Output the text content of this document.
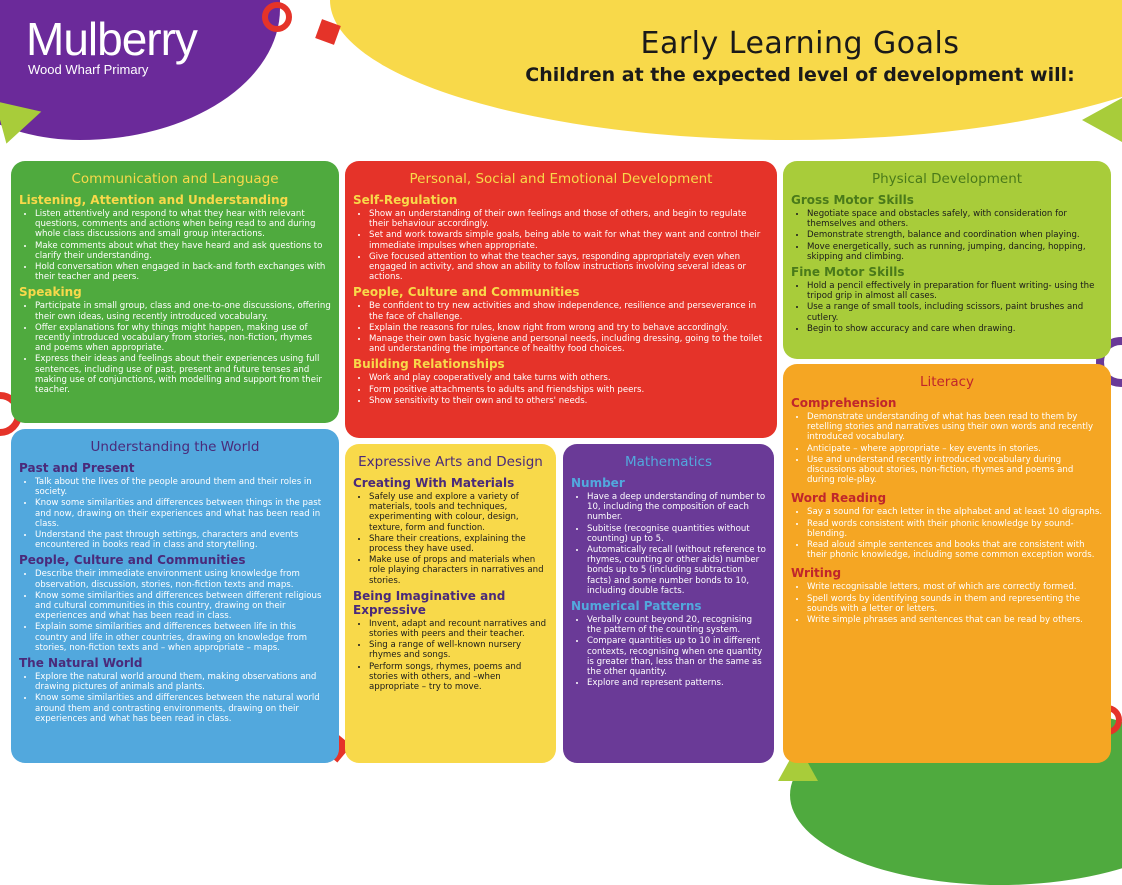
Mulberry
Wood Wharf Primary
Early Learning Goals
Children at the expected level of development will:
Communication and Language
Listening, Attention and Understanding
• Listen attentively and respond to what they hear with relevant questions, comments and actions when being read to and during whole class discussions and small group interactions.
• Make comments about what they have heard and ask questions to clarify their understanding.
• Hold conversation when engaged in back-and forth exchanges with their teacher and peers.
Speaking
• Participate in small group, class and one-to-one discussions, offering their own ideas, using recently introduced vocabulary.
• Offer explanations for why things might happen, making use of recently introduced vocabulary from stories, non-fiction, rhymes and poems when appropriate.
• Express their ideas and feelings about their experiences using full sentences, including use of past, present and future tenses and making use of conjunctions, with modelling and support from their teacher.
Personal, Social and Emotional Development
Self-Regulation
• Show an understanding of their own feelings and those of others, and begin to regulate their behaviour accordingly.
• Set and work towards simple goals, being able to wait for what they want and control their immediate impulses when appropriate.
• Give focused attention to what the teacher says, responding appropriately even when engaged in activity, and show an ability to follow instructions involving several ideas or actions.
People, Culture and Communities
• Be confident to try new activities and show independence, resilience and perseverance in the face of challenge.
• Explain the reasons for rules, know right from wrong and try to behave accordingly.
• Manage their own basic hygiene and personal needs, including dressing, going to the toilet and understanding the importance of healthy food choices.
Building Relationships
• Work and play cooperatively and take turns with others.
• Form positive attachments to adults and friendships with peers.
• Show sensitivity to their own and to others' needs.
Physical Development
Gross Motor Skills
• Negotiate space and obstacles safely, with consideration for themselves and others.
• Demonstrate strength, balance and coordination when playing.
• Move energetically, such as running, jumping, dancing, hopping, skipping and climbing.
Fine Motor Skills
• Hold a pencil effectively in preparation for fluent writing- using the tripod grip in almost all cases.
• Use a range of small tools, including scissors, paint brushes and cutlery.
• Begin to show accuracy and care when drawing.
Understanding the World
Past and Present
• Talk about the lives of the people around them and their roles in society.
• Know some similarities and differences between things in the past and now, drawing on their experiences and what has been read in class.
• Understand the past through settings, characters and events encountered in books read in class and storytelling.
People, Culture and Communities
• Describe their immediate environment using knowledge from observation, discussion, stories, non-fiction texts and maps.
• Know some similarities and differences between different religious and cultural communities in this country, drawing on their experiences and what has been read in class.
• Explain some similarities and differences between life in this country and life in other countries, drawing on knowledge from stories, non-fiction texts and – when appropriate – maps.
The Natural World
• Explore the natural world around them, making observations and drawing pictures of animals and plants.
• Know some similarities and differences between the natural world around them and contrasting environments, drawing on their experiences and what has been read in class.
Expressive Arts and Design
Creating With Materials
• Safely use and explore a variety of materials, tools and techniques, experimenting with colour, design, texture, form and function.
• Share their creations, explaining the process they have used.
• Make use of props and materials when role playing characters in narratives and stories.
Being Imaginative and Expressive
• Invent, adapt and recount narratives and stories with peers and their teacher.
• Sing a range of well-known nursery rhymes and songs.
• Perform songs, rhymes, poems and stories with others, and –when appropriate – try to move.
Mathematics
Number
• Have a deep understanding of number to 10, including the composition of each number.
• Subitise (recognise quantities without counting) up to 5.
• Automatically recall (without reference to rhymes, counting or other aids) number bonds up to 5 (including subtraction facts) and some number bonds to 10, including double facts.
Numerical Patterns
• Verbally count beyond 20, recognising the pattern of the counting system.
• Compare quantities up to 10 in different contexts, recognising when one quantity is greater than, less than or the same as the other quantity.
• Explore and represent patterns.
Literacy
Comprehension
• Demonstrate understanding of what has been read to them by retelling stories and narratives using their own words and recently introduced vocabulary.
• Anticipate – where appropriate – key events in stories.
• Use and understand recently introduced vocabulary during discussions about stories, non-fiction, rhymes and poems and during role-play.
Word Reading
• Say a sound for each letter in the alphabet and at least 10 digraphs.
• Read words consistent with their phonic knowledge by sound-blending.
• Read aloud simple sentences and books that are consistent with their phonic knowledge, including some common exception words.
Writing
• Write recognisable letters, most of which are correctly formed.
• Spell words by identifying sounds in them and representing the sounds with a letter or letters.
• Write simple phrases and sentences that can be read by others.
